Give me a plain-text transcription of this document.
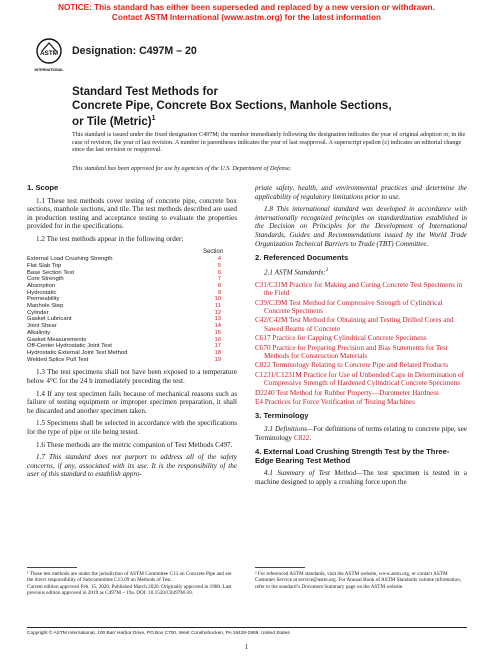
NOTICE: This standard has either been superseded and replaced by a new version or withdrawn.
Contact ASTM International (www.astm.org) for the latest information
ASTM
INTERNATIONAL
Designation: C497M – 20
Standard Test Methods for
Concrete Pipe, Concrete Box Sections, Manhole Sections,
or Tile (Metric)$^1$
This standard is issued under the fixed designation C497M; the number immediately following the designation indicates the year of original adoption or, in the case of revision, the year of last revision. A number in parentheses indicates the year of last reapproval. A superscript epsilon (ε) indicates an editorial change since the last revision or reapproval.
This standard has been approved for use by agencies of the U.S. Department of Defense.
1. Scope
1.1 These test methods cover testing of concrete pipe, concrete box sections, manhole sections, and tile. The test methods described are used in production testing and acceptance testing to evaluate the properties provided for in the specifications.
1.2 The test methods appear in the following order:
Section
External Load Crushing Strength	4
Flat Slab Top	5
Base Section Test	6
Core Strength	7
Absorption	8
Hydrostatic	9
Permeability	10
Manhole Step	11
Cylinder	12
Gasket Lubricant	13
Joint Shear	14
Alkalinity	15
Gasket Measurements	16
Off-Center Hydrostatic Joint Test	17
Hydrostatic External Joint Test Method	18
Welded Splice Pull Test	19
1.3 The test specimens shall not have been exposed to a temperature below 4°C for the 24 h immediately preceding the test.
1.4 If any test specimen fails because of mechanical reasons such as failure of testing equipment or improper specimen preparation, it shall be discarded and another specimen taken.
1.5 Specimens shall be selected in accordance with the specifications for the type of pipe or tile being tested.
1.6 These methods are the metric companion of Test Methods C497.
1.7 This standard does not purport to address all of the safety concerns, if any, associated with its use. It is the responsibility of the user of this standard to establish appro-
priate safety, health, and environmental practices and determine the applicability of regulatory limitations prior to use.
1.8 This international standard was developed in accordance with internationally recognized principles on standardization established in the Decision on Principles for the Development of International Standards, Guides and Recommendations issued by the World Trade Organization Technical Barriers to Trade (TBT) Committee.
2. Referenced Documents
2.1 ASTM Standards:$^2$
C31/C31M Practice for Making and Curing Concrete Test Specimens in the Field
C39/C39M Test Method for Compressive Strength of Cylindrical Concrete Specimens
C42/C42M Test Method for Obtaining and Testing Drilled Cores and Sawed Beams of Concrete
C617 Practice for Capping Cylindrical Concrete Specimens
C670 Practice for Preparing Precision and Bias Statements for Test Methods for Construction Materials
C822 Terminology Relating to Concrete Pipe and Related Products
C1231/C1231M Practice for Use of Unbonded Caps in Determination of Compressive Strength of Hardened Cylindrical Concrete Specimens
D2240 Test Method for Rubber Property—Durometer Hardness
E4 Practices for Force Verification of Testing Machines
3. Terminology
3.1 Definitions—For definitions of terms relating to concrete pipe, see Terminology C822.
4. External Load Crushing Strength Test by the Three-Edge Bearing Test Method
4.1 Summary of Test Method—The test specimen is tested in a machine designed to apply a crushing force upon the
¹ These test methods are under the jurisdiction of ASTM Committee C13 on Concrete Pipe and are the direct responsibility of Subcommittee C13.09 on Methods of Test.
Current edition approved Feb. 15, 2020. Published March 2020. Originally approved in 1980. Last previous edition approved in 2019 as C497M – 19a. DOI: 10.1520/C0497M-20.
² For referenced ASTM standards, visit the ASTM website, www.astm.org, or contact ASTM Customer Service at service@astm.org. For Annual Book of ASTM Standards volume information, refer to the standard’s Document Summary page on the ASTM website.
Copyright © ASTM International, 100 Barr Harbor Drive, PO Box C700, West Conshohocken, PA 19428-2959. United States
1
